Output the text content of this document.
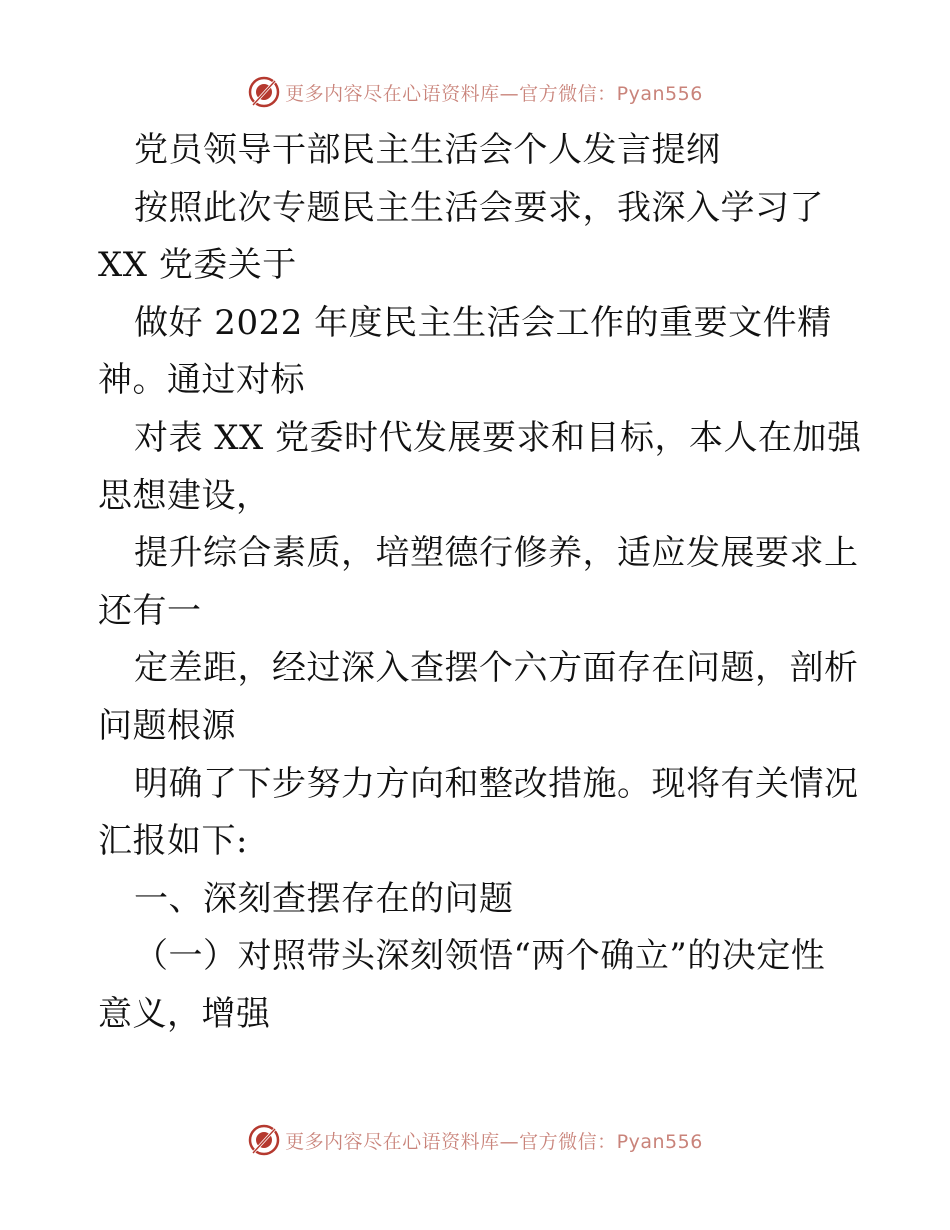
更多内容尽在心语资料库—官方微信：Pyan556
党员领导干部民主生活会个人发言提纲
按照此次专题民主生活会要求，我深入学习了
XX 党委关于
做好 2022 年度民主生活会工作的重要文件精
神。通过对标
对表 XX 党委时代发展要求和目标，本人在加强
思想建设，
提升综合素质，培塑德行修养，适应发展要求上
还有一
定差距，经过深入查摆个六方面存在问题，剖析
问题根源
明确了下步努力方向和整改措施。现将有关情况
汇报如下:
一、深刻查摆存在的问题
（一）对照带头深刻领悟“两个确立”的决定性
意义，增强
更多内容尽在心语资料库—官方微信：Pyan556
